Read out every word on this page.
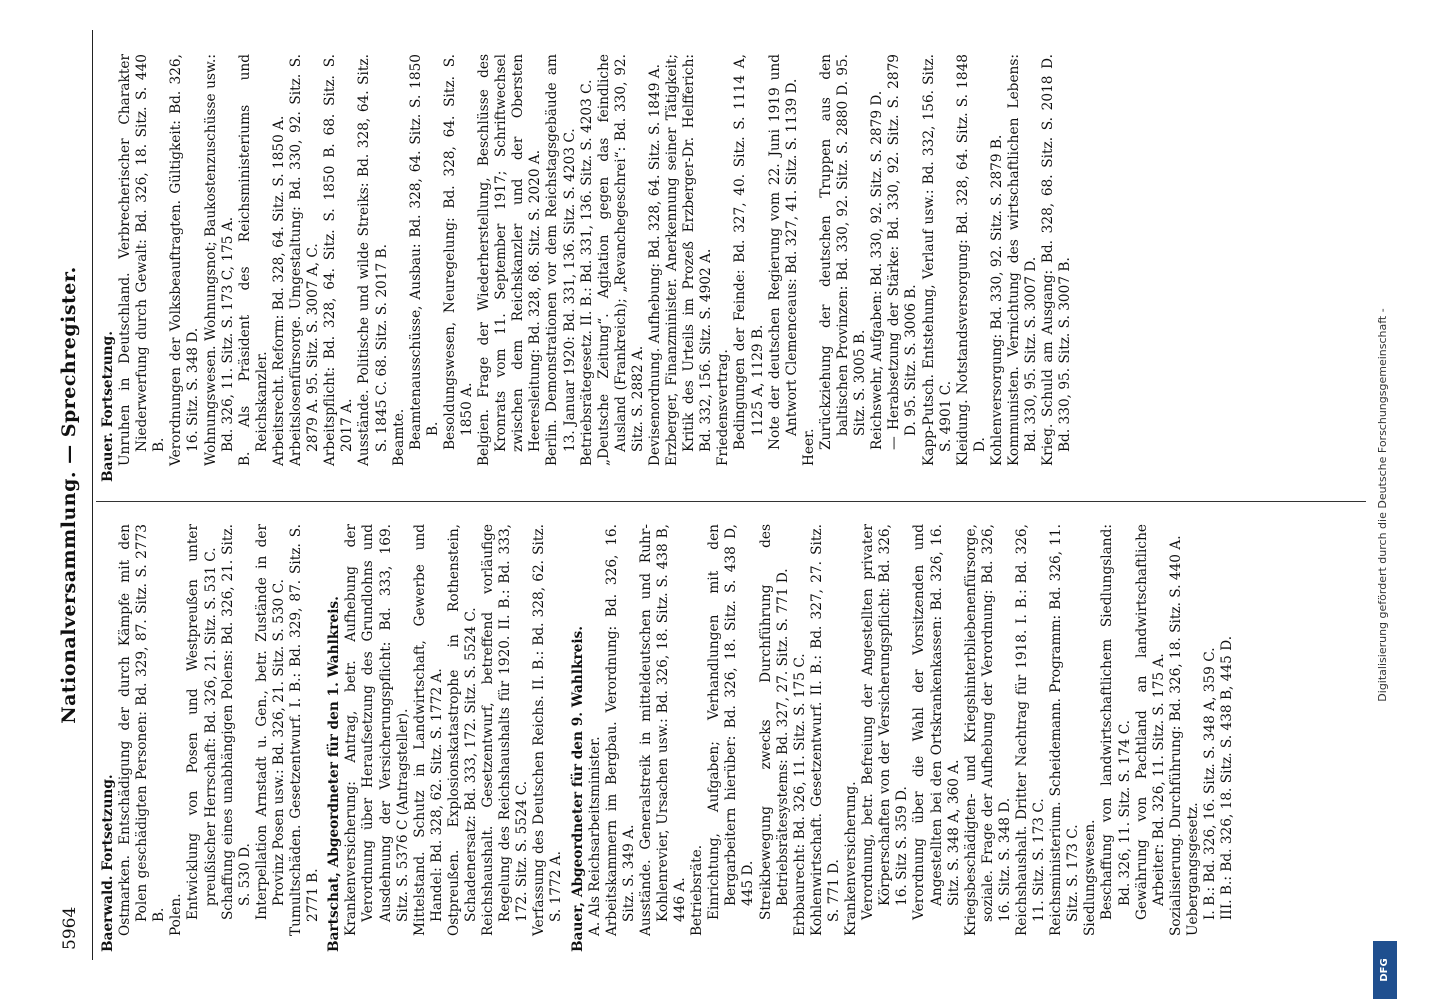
5964
Nationalversammlung. — Sprechregister.

Baerwald. Fortsetzung. Ostmarken. Entschädigung der durch Kämpfe mit den Polen geschädigten Personen: Bd. 329, 87. Sitz. S. 2773 B. Polen. Entwicklung von Posen und Westpreußen unter preußischer Herrschaft: Bd. 326, 21. Sitz. S. 531 C. Schaffung eines unabhängigen Polens: Bd. 326, 21. Sitz. S. 530 D. Interpellation Arnstadt u. Gen., betr. Zustände in der Provinz Posen usw.: Bd. 326, 21. Sitz. S. 530 C. Tumultschäden. Gesetzentwurf. I. B.: Bd. 329, 87. Sitz. S. 2771 B. Bartschat, Abgeordneter für den 1. Wahlkreis. Krankenversicherung: Antrag, betr. Aufhebung der Verordnung über Heraufsetzung des Grundlohns und Ausdehnung der Versicherungspflicht: Bd. 333, 169. Sitz. S. 5376 C (Antragsteller). Mittelstand. Schutz in Landwirtschaft, Gewerbe und Handel: Bd. 328, 62. Sitz. S. 1772 A. Ostpreußen. Explosionskatastrophe in Rothenstein, Schadenersatz: Bd. 333, 172. Sitz. S. 5524 C. Reichshaushalt. Gesetzentwurf, betreffend vorläufige Regelung des Reichshaushalts für 1920. II. B.: Bd. 333, 172. Sitz. S. 5524 C. Verfassung des Deutschen Reichs. II. B.: Bd. 328, 62. Sitz. S. 1772 A. Bauer, Abgeordneter für den 9. Wahlkreis. A. Als Reichsarbeitsminister. Arbeitskammern im Bergbau. Verordnung: Bd. 326, 16. Sitz. S. 349 A. Ausstände. Generalstreik in mitteldeutschen und Ruhr-Kohlenrevier, Ursachen usw.: Bd. 326, 18. Sitz. S. 438 B, 446 A. Betriebsräte. Einrichtung, Aufgaben; Verhandlungen mit den Bergarbeitern hierüber: Bd. 326, 18. Sitz. S. 438 D, 445 D. Streikbewegung zwecks Durchführung des Betriebsrätesystems: Bd. 327, 27. Sitz. S. 771 D. Erbbaurecht: Bd. 326, 11. Sitz. S. 175 C. Kohlenwirtschaft. Gesetzentwurf. II. B.: Bd. 327, 27. Sitz. S. 771 D. Krankenversicherung. Verordnung, betr. Befreiung der Angestellten privater Körperschaften von der Versicherungspflicht: Bd. 326, 16. Sitz S. 359 D. Verordnung über die Wahl der Vorsitzenden und Angestellten bei den Ortskrankenkassen: Bd. 326, 16. Sitz. S. 348 A, 360 A. Kriegsbeschädigten- und Kriegshinterbliebenenfürsorge, soziale. Frage der Aufhebung der Verordnung: Bd. 326, 16. Sitz. S. 348 D. Reichshaushalt. Dritter Nachtrag für 1918. I. B.: Bd. 326, 11. Sitz. S. 173 C. Reichsministerium. Scheidemann. Programm: Bd. 326, 11. Sitz. S. 173 C. Siedlungswesen. Beschaffung von landwirtschaftlichem Siedlungsland: Bd. 326, 11. Sitz. S. 174 C. Gewährung von Pachtland an landwirtschaftliche Arbeiter: Bd. 326, 11. Sitz. S. 175 A. Sozialisierung. Durchführung: Bd. 326, 18. Sitz. S. 440 A. Uebergangsgesetz. I. B.: Bd. 326, 16. Sitz. S. 348 A, 359 C. III. B.: Bd. 326, 18. Sitz. S. 438 B, 445 D.

Bauer. Fortsetzung. Unruhen in Deutschland. Verbrecherischer Charakter Niederwerfung durch Gewalt: Bd. 326, 18. Sitz. S. 440 B. Verordnungen der Volksbeauftragten. Gültigkeit: Bd. 326, 16. Sitz. S. 348 D. Wohnungswesen. Wohnungsnot; Baukostenzuschüsse usw.: Bd. 326, 11. Sitz. S. 173 C, 175 A. B. Als Präsident des Reichsministeriums und Reichskanzler. Arbeitsrecht. Reform: Bd. 328, 64. Sitz. S. 1850 A. Arbeitslosenfürsorge. Umgestaltung: Bd. 330, 92. Sitz. S. 2879 A. 95. Sitz. S. 3007 A, C. Arbeitspflicht: Bd. 328, 64. Sitz. S. 1850 B. 68. Sitz. S. 2017 A. Ausstände. Politische und wilde Streiks: Bd. 328, 64. Sitz. S. 1845 C. 68. Sitz. S. 2017 B. Beamte. Beamtenausschüsse, Ausbau: Bd. 328, 64. Sitz. S. 1850 B. Besoldungswesen, Neuregelung: Bd. 328, 64. Sitz. S. 1850 A. Belgien. Frage der Wiederherstellung, Beschlüsse des Kronrats vom 11. September 1917; Schriftwechsel zwischen dem Reichskanzler und der Obersten Heeresleitung: Bd. 328, 68. Sitz. S. 2020 A. Berlin. Demonstrationen vor dem Reichstagsgebäude am 13. Januar 1920: Bd. 331, 136. Sitz. S. 4203 C. Betriebsrätegesetz. II. B.: Bd. 331, 136. Sitz. S. 4203 C. „Deutsche Zeitung“. Agitation gegen das feindliche Ausland (Frankreich); „Revanchegeschrei“: Bd. 330, 92. Sitz. S. 2882 A. Devisenordnung. Aufhebung: Bd. 328, 64. Sitz. S. 1849 A. Erzberger, Finanzminister. Anerkennung seiner Tätigkeit; Kritik des Urteils im Prozeß Erzberger-Dr. Helfferich: Bd. 332, 156. Sitz. S. 4902 A. Friedensvertrag. Bedingungen der Feinde: Bd. 327, 40. Sitz. S. 1114 A, 1125 A, 1129 B. Note der deutschen Regierung vom 22. Juni 1919 und Antwort Clemenceaus: Bd. 327, 41. Sitz. S. 1139 D.

Heer. Zurückziehung der deutschen Truppen aus den baltischen Provinzen: Bd. 330, 92. Sitz. S. 2880 D. 95. Sitz. S. 3005 B. Reichswehr, Aufgaben: Bd. 330, 92. Sitz. S. 2879 D. — Herabsetzung der Stärke: Bd. 330, 92. Sitz. S. 2879 D. 95. Sitz. S. 3006 B. Kapp-Putsch. Entstehung, Verlauf usw.: Bd. 332, 156. Sitz. S. 4901 C. Kleidung. Notstandsversorgung: Bd. 328, 64. Sitz. S. 1848 D. Kohlenversorgung: Bd. 330, 92. Sitz. S. 2879 B. Kommunisten. Vernichtung des wirtschaftlichen Lebens: Bd. 330, 95. Sitz. S. 3007 D. Krieg. Schuld am Ausgang: Bd. 328, 68. Sitz. S. 2018 D. Bd. 330, 95. Sitz. S. 3007 B.

DFG
Digitalisierung gefördert durch die Deutsche Forschungsgemeinschaft -
